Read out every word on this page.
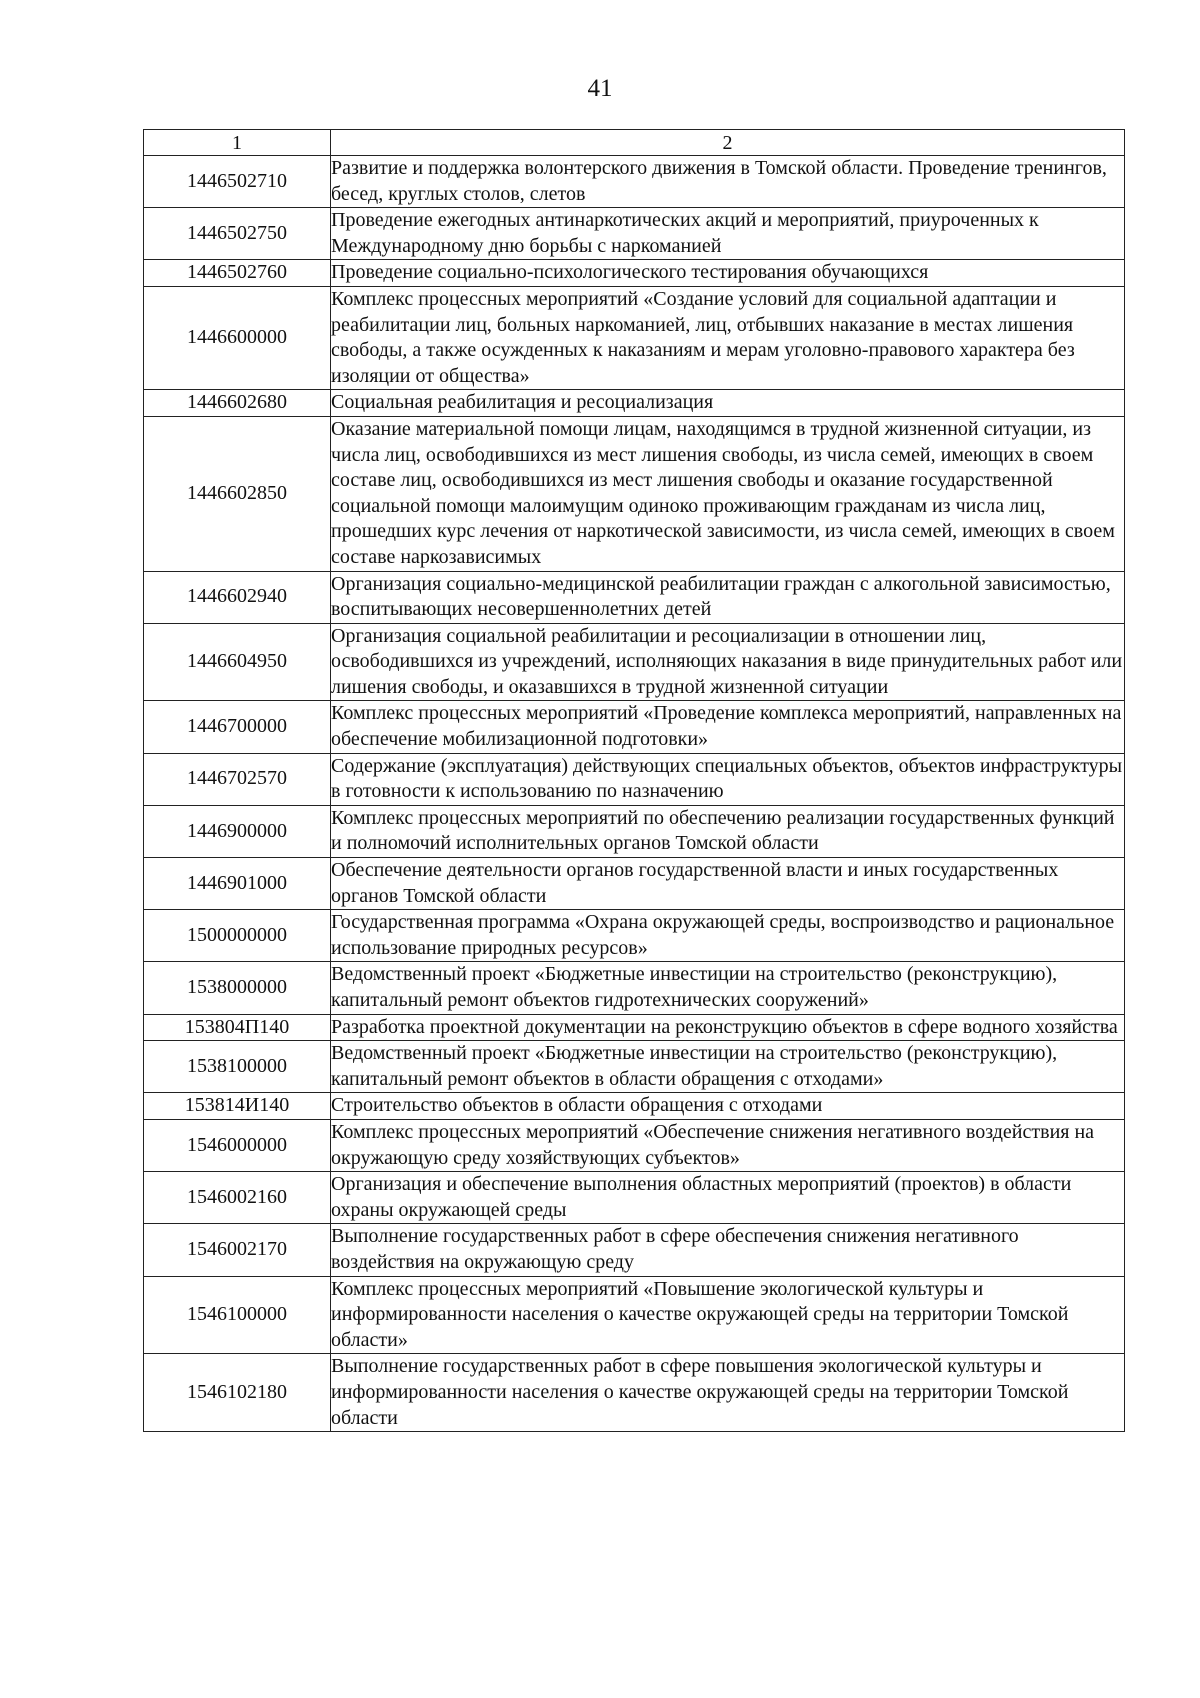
41
1	2
1446502710	Развитие и поддержка волонтерского движения в Томской области. Проведение тренингов, бесед, круглых столов, слетов
1446502750	Проведение ежегодных антинаркотических акций и мероприятий, приуроченных к Международному дню борьбы с наркоманией
1446502760	Проведение социально-психологического тестирования обучающихся
1446600000	Комплекс процессных мероприятий «Создание условий для социальной адаптации и реабилитации лиц, больных наркоманией, лиц, отбывших наказание в местах лишения свободы, а также осужденных к наказаниям и мерам уголовно-правового характера без изоляции от общества»
1446602680	Социальная реабилитация и ресоциализация
1446602850	Оказание материальной помощи лицам, находящимся в трудной жизненной ситуации, из числа лиц, освободившихся из мест лишения свободы, из числа семей, имеющих в своем составе лиц, освободившихся из мест лишения свободы и оказание государственной социальной помощи малоимущим одиноко проживающим гражданам из числа лиц, прошедших курс лечения от наркотической зависимости, из числа семей, имеющих в своем составе наркозависимых
1446602940	Организация социально-медицинской реабилитации граждан с алкогольной зависимостью, воспитывающих несовершеннолетних детей
1446604950	Организация социальной реабилитации и ресоциализации в отношении лиц, освободившихся из учреждений, исполняющих наказания в виде принудительных работ или лишения свободы, и оказавшихся в трудной жизненной ситуации
1446700000	Комплекс процессных мероприятий «Проведение комплекса мероприятий, направленных на обеспечение мобилизационной подготовки»
1446702570	Содержание (эксплуатация) действующих специальных объектов, объектов инфраструктуры в готовности к использованию по назначению
1446900000	Комплекс процессных мероприятий по обеспечению реализации государственных функций и полномочий исполнительных органов Томской области
1446901000	Обеспечение деятельности органов государственной власти и иных государственных органов Томской области
1500000000	Государственная программа «Охрана окружающей среды, воспроизводство и рациональное использование природных ресурсов»
1538000000	Ведомственный проект «Бюджетные инвестиции на строительство (реконструкцию), капитальный ремонт объектов гидротехнических сооружений»
153804П140	Разработка проектной документации на реконструкцию объектов в сфере водного хозяйства
1538100000	Ведомственный проект «Бюджетные инвестиции на строительство (реконструкцию), капитальный ремонт объектов в области обращения с отходами»
153814И140	Строительство объектов в области обращения с отходами
1546000000	Комплекс процессных мероприятий «Обеспечение снижения негативного воздействия на окружающую среду хозяйствующих субъектов»
1546002160	Организация и обеспечение выполнения областных мероприятий (проектов) в области охраны окружающей среды
1546002170	Выполнение государственных работ в сфере обеспечения снижения негативного воздействия на окружающую среду
1546100000	Комплекс процессных мероприятий «Повышение экологической культуры и информированности населения о качестве окружающей среды на территории Томской области»
1546102180	Выполнение государственных работ в сфере повышения экологической культуры и информированности населения о качестве окружающей среды на территории Томской области
